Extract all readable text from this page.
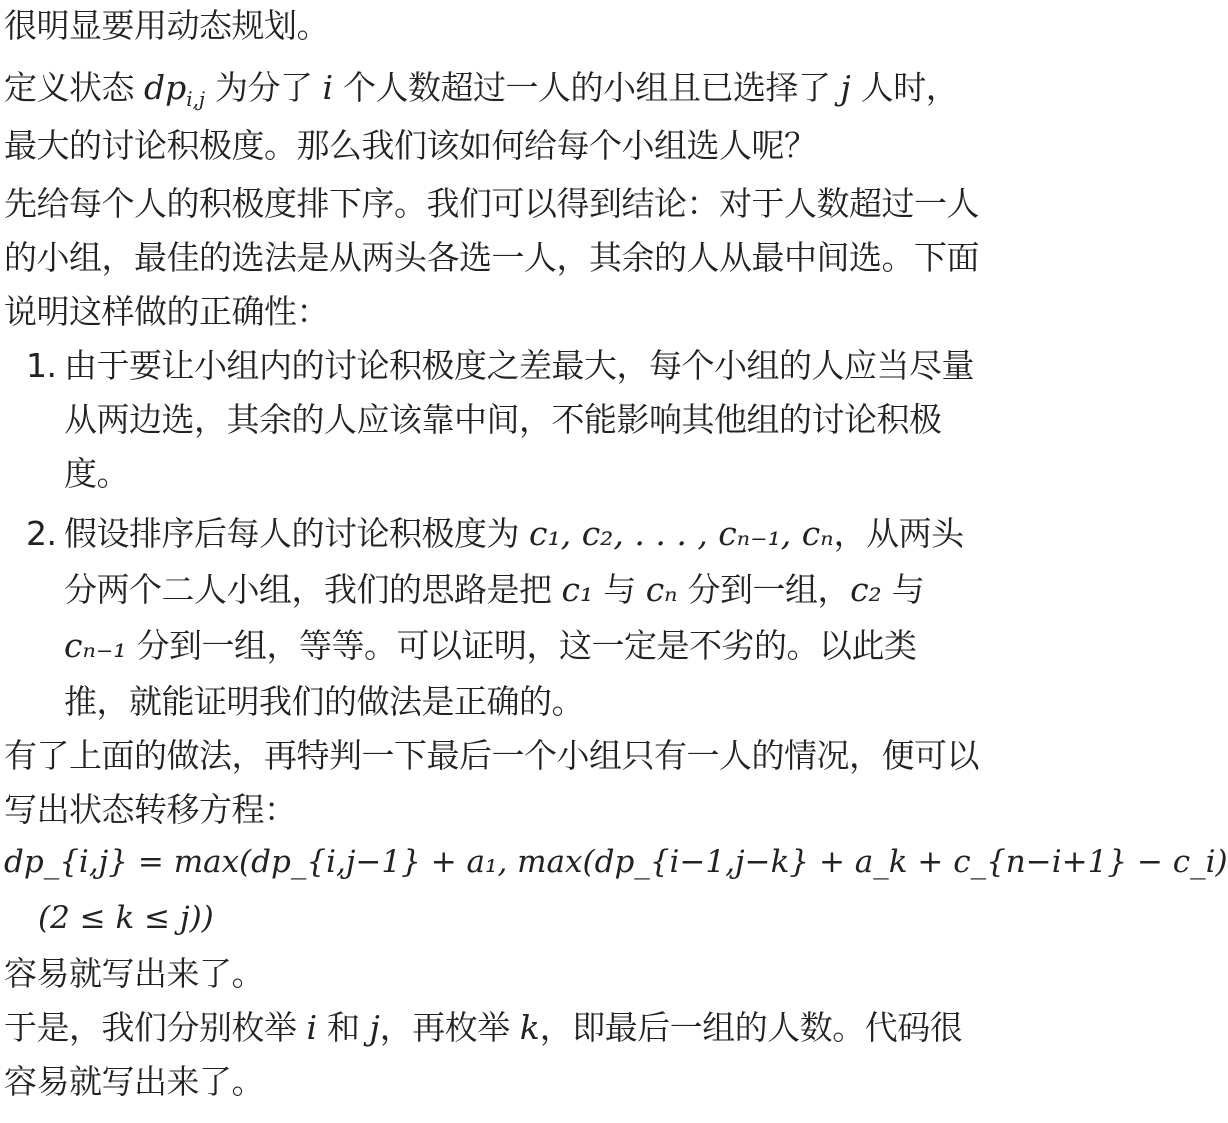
很明显要用动态规划。
定义状态 $dp_{i,j}$ 为分了 i 个人数超过一人的小组且已选择了 j 人时，
最大的讨论积极度。那么我们该如何给每个小组选人呢？
先给每个人的积极度排下序。我们可以得到结论：对于人数超过一人
的小组，最佳的选法是从两头各选一人，其余的人从最中间选。下面
说明这样做的正确性：
1. 由于要让小组内的讨论积极度之差最大，每个小组的人应当尽量
从两边选，其余的人应该靠中间，不能影响其他组的讨论积极
度。
2. 假设排序后每人的讨论积极度为 c₁, c₂, . . . , cₙ₋₁, cₙ，从两头
分两个二人小组，我们的思路是把 c₁ 与 cₙ 分到一组，c₂ 与
cₙ₋₁ 分到一组，等等。可以证明，这一定是不劣的。以此类
推，就能证明我们的做法是正确的。
有了上面的做法，再特判一下最后一个小组只有一人的情况，便可以
写出状态转移方程：
dp_{i,j} = max(dp_{i,j−1} + a₁, max(dp_{i−1,j−k} + a_k + c_{n−i+1} − c_i)
(2 ≤ k ≤ j))
容易就写出来了。
于是，我们分别枚举 i 和 j，再枚举 k，即最后一组的人数。代码很
容易就写出来了。
